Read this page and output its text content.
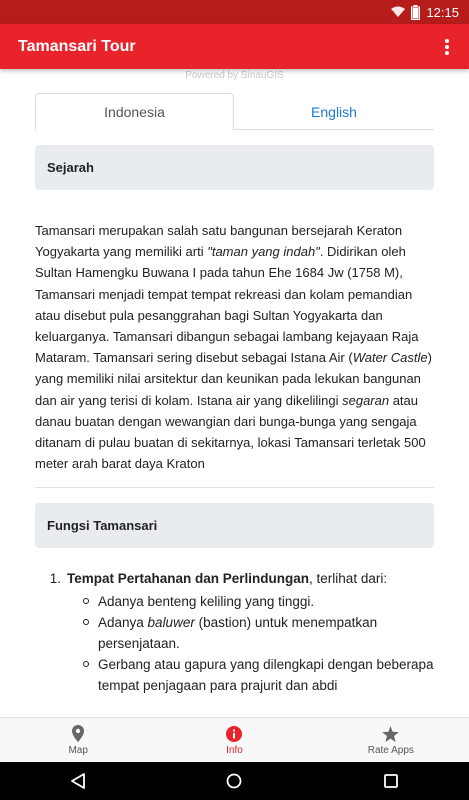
x 12:15
Tamansari Tour
Powered by SinauGIS
Indonesia	English
Sejarah

Tamansari merupakan salah satu bangunan bersejarah Keraton Yogyakarta yang memiliki arti "taman yang indah". Didirikan oleh Sultan Hamengku Buwana I pada tahun Ehe 1684 Jw (1758 M), Tamansari menjadi tempat tempat rekreasi dan kolam pemandian atau disebut pula pesanggrahan bagi Sultan Yogyakarta dan keluarganya. Tamansari dibangun sebagai lambang kejayaan Raja Mataram. Tamansari sering disebut sebagai Istana Air (Water Castle) yang memiliki nilai arsitektur dan keunikan pada lekukan bangunan dan air yang terisi di kolam. Istana air yang dikelilingi segaran atau danau buatan dengan wewangian dari bunga-bunga yang sengaja ditanam di pulau buatan di sekitarnya, lokasi Tamansari terletak 500 meter arah barat daya Kraton

Fungsi Tamansari
1. Tempat Pertahanan dan Perlindungan, terlihat dari:
Adanya benteng keliling yang tinggi.
Adanya baluwer (bastion) untuk menempatkan persenjataan.
Gerbang atau gapura yang dilengkapi dengan beberapa tempat penjagaan para prajurit dan abdi
Map	Info	Rate Apps
